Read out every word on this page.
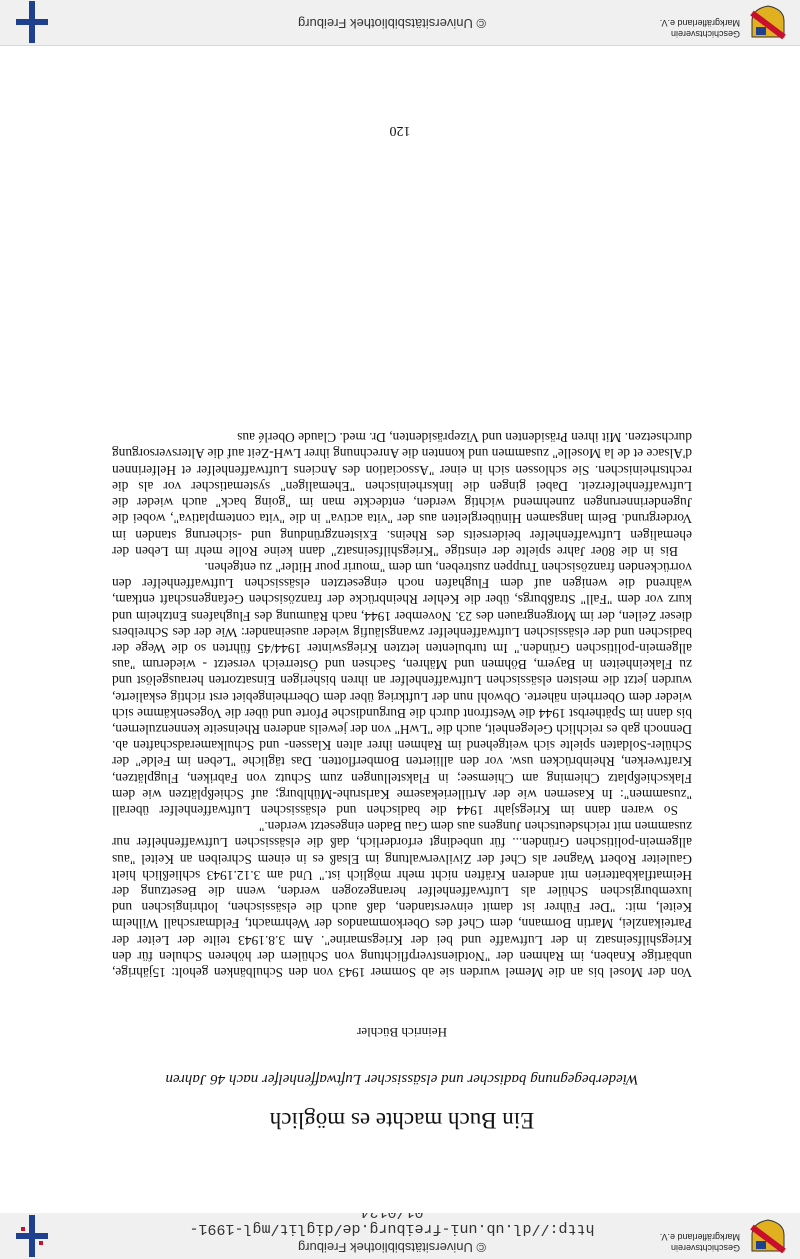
Geschichtsverein
Markgräflerland e.V.
© Universitätsbibliothek Freiburg
http://dl.ub.uni-freiburg.de/diglit/mgl-1991-
Ein Buch machte es möglich

Wiederbegegnung badischer und elsässischer Luftwaffenhelfer nach 46 Jahren

Heinrich Büchler

Von der Mosel bis an die Memel wurden sie ab Sommer 1943 von den Schulbänken geholt: 15jährige, unbärtige Knaben, im Rahmen der "Notdienstverpflichtung von Schülern der höheren Schulen für den Kriegshilfseinsatz in der Luftwaffe und bei der Kriegsmarine". Am 3.8.1943 teilte der Leiter der Parteikanzlei, Martin Bormann, dem Chef des Oberkommandos der Wehrmacht, Feldmarschall Wilhelm Keitel, mit: "Der Führer ist damit einverstanden, daß auch die elsässischen, lothringischen und luxemburgischen Schüler als Luftwaffenhelfer herangezogen werden, wenn die Besetzung der Heimatflakbatterien mit anderen Kräften nicht mehr möglich ist." Und am 3.12.1943 schließlich hielt Gauleiter Robert Wagner als Chef der Zivilverwaltung im Elsaß es in einem Schreiben an Keitel "aus allgemein-politischen Gründen... für unbedingt erforderlich, daß die elsässischen Luftwaffenhelfer nur zusammen mit reichsdeutschen Jungens aus dem Gau Baden eingesetzt werden."

So waren dann im Kriegsjahr 1944 die badischen und elsässischen Luftwaffenhelfer überall "zusammen": In Kasernen wie der Artilleriekaserne Karlsruhe-Mühlburg; auf Schießplätzen wie dem Flakschießplatz Chieming am Chiemsee; in Flakstellungen zum Schutz von Fabriken, Flugplätzen, Kraftwerken, Rheinbrücken usw. vor den alliierten Bomberflotten. Das tägliche "Leben im Felde" der Schüler-Soldaten spielte sich weitgehend im Rahmen ihrer alten Klassen- und Schulkameradschaften ab. Dennoch gab es reichlich Gelegenheit, auch die "LwH" von der jeweils anderen Rheinseite kennenzulernen, bis dann im Spätherbst 1944 die Westfront durch die Burgundische Pforte und über die Vogesenkämme sich wieder dem Oberrhein näherte. Obwohl nun der Luftkrieg über dem Oberrheingebiet erst richtig eskalierte, wurden jetzt die meisten elsässischen Luftwaffenhelfer an ihren bisherigen Einsatzorten herausgelöst und zu Flakeinheiten in Bayern, Böhmen und Mähren, Sachsen und Österreich versetzt - wiederum "aus allgemein-politischen Gründen." Im turbulenten letzten Kriegswinter 1944/45 führten so die Wege der badischen und der elsässischen Luftwaffenhelfer zwangsläufig wieder auseinander: Wie der des Schreibers dieser Zeilen, der im Morgengrauen des 23. November 1944, nach Räumung des Flughafens Entzheim und kurz vor dem "Fall" Straßburgs, über die Kehler Rheinbrücke der französischen Gefangenschaft entkam, während die wenigen auf dem Flughafen noch eingesetzten elsässischen Luftwaffenhelfer den vorrückenden französischen Truppen zustreben, um dem "mourir pour Hitler" zu entgehen.

Bis in die 80er Jahre spielte der einstige "Kriegshilfseinsatz" dann keine Rolle mehr im Leben der ehemaligen Luftwaffenhelfer beiderseits des Rheins. Existenzgründung und -sicherung standen im Vordergrund. Beim langsamen Hinübergleiten aus der "vita activa" in die "vita contemplativa", wobei die Jugenderinnerungen zunehmend wichtig werden, entdeckte man im "going back" auch wieder die Luftwaffenhelferzeit. Dabei gingen die linksrheinischen "Ehemaligen" systematischer vor als die rechtsrheinischen. Sie schlossen sich in einer "Association des Anciens Luftwaffenhelfer et Helferinnen d'Alsace et de la Moselle" zusammen und konnten die Anrechnung ihrer LwH-Zeit auf die Altersversorgung durchsetzen. Mit ihren Präsidenten und Vizepräsidenten, Dr. med. Claude Oberlé aus

120
Geschichtsverein
Markgräflerland e.V.
© Universitätsbibliothek Freiburg
